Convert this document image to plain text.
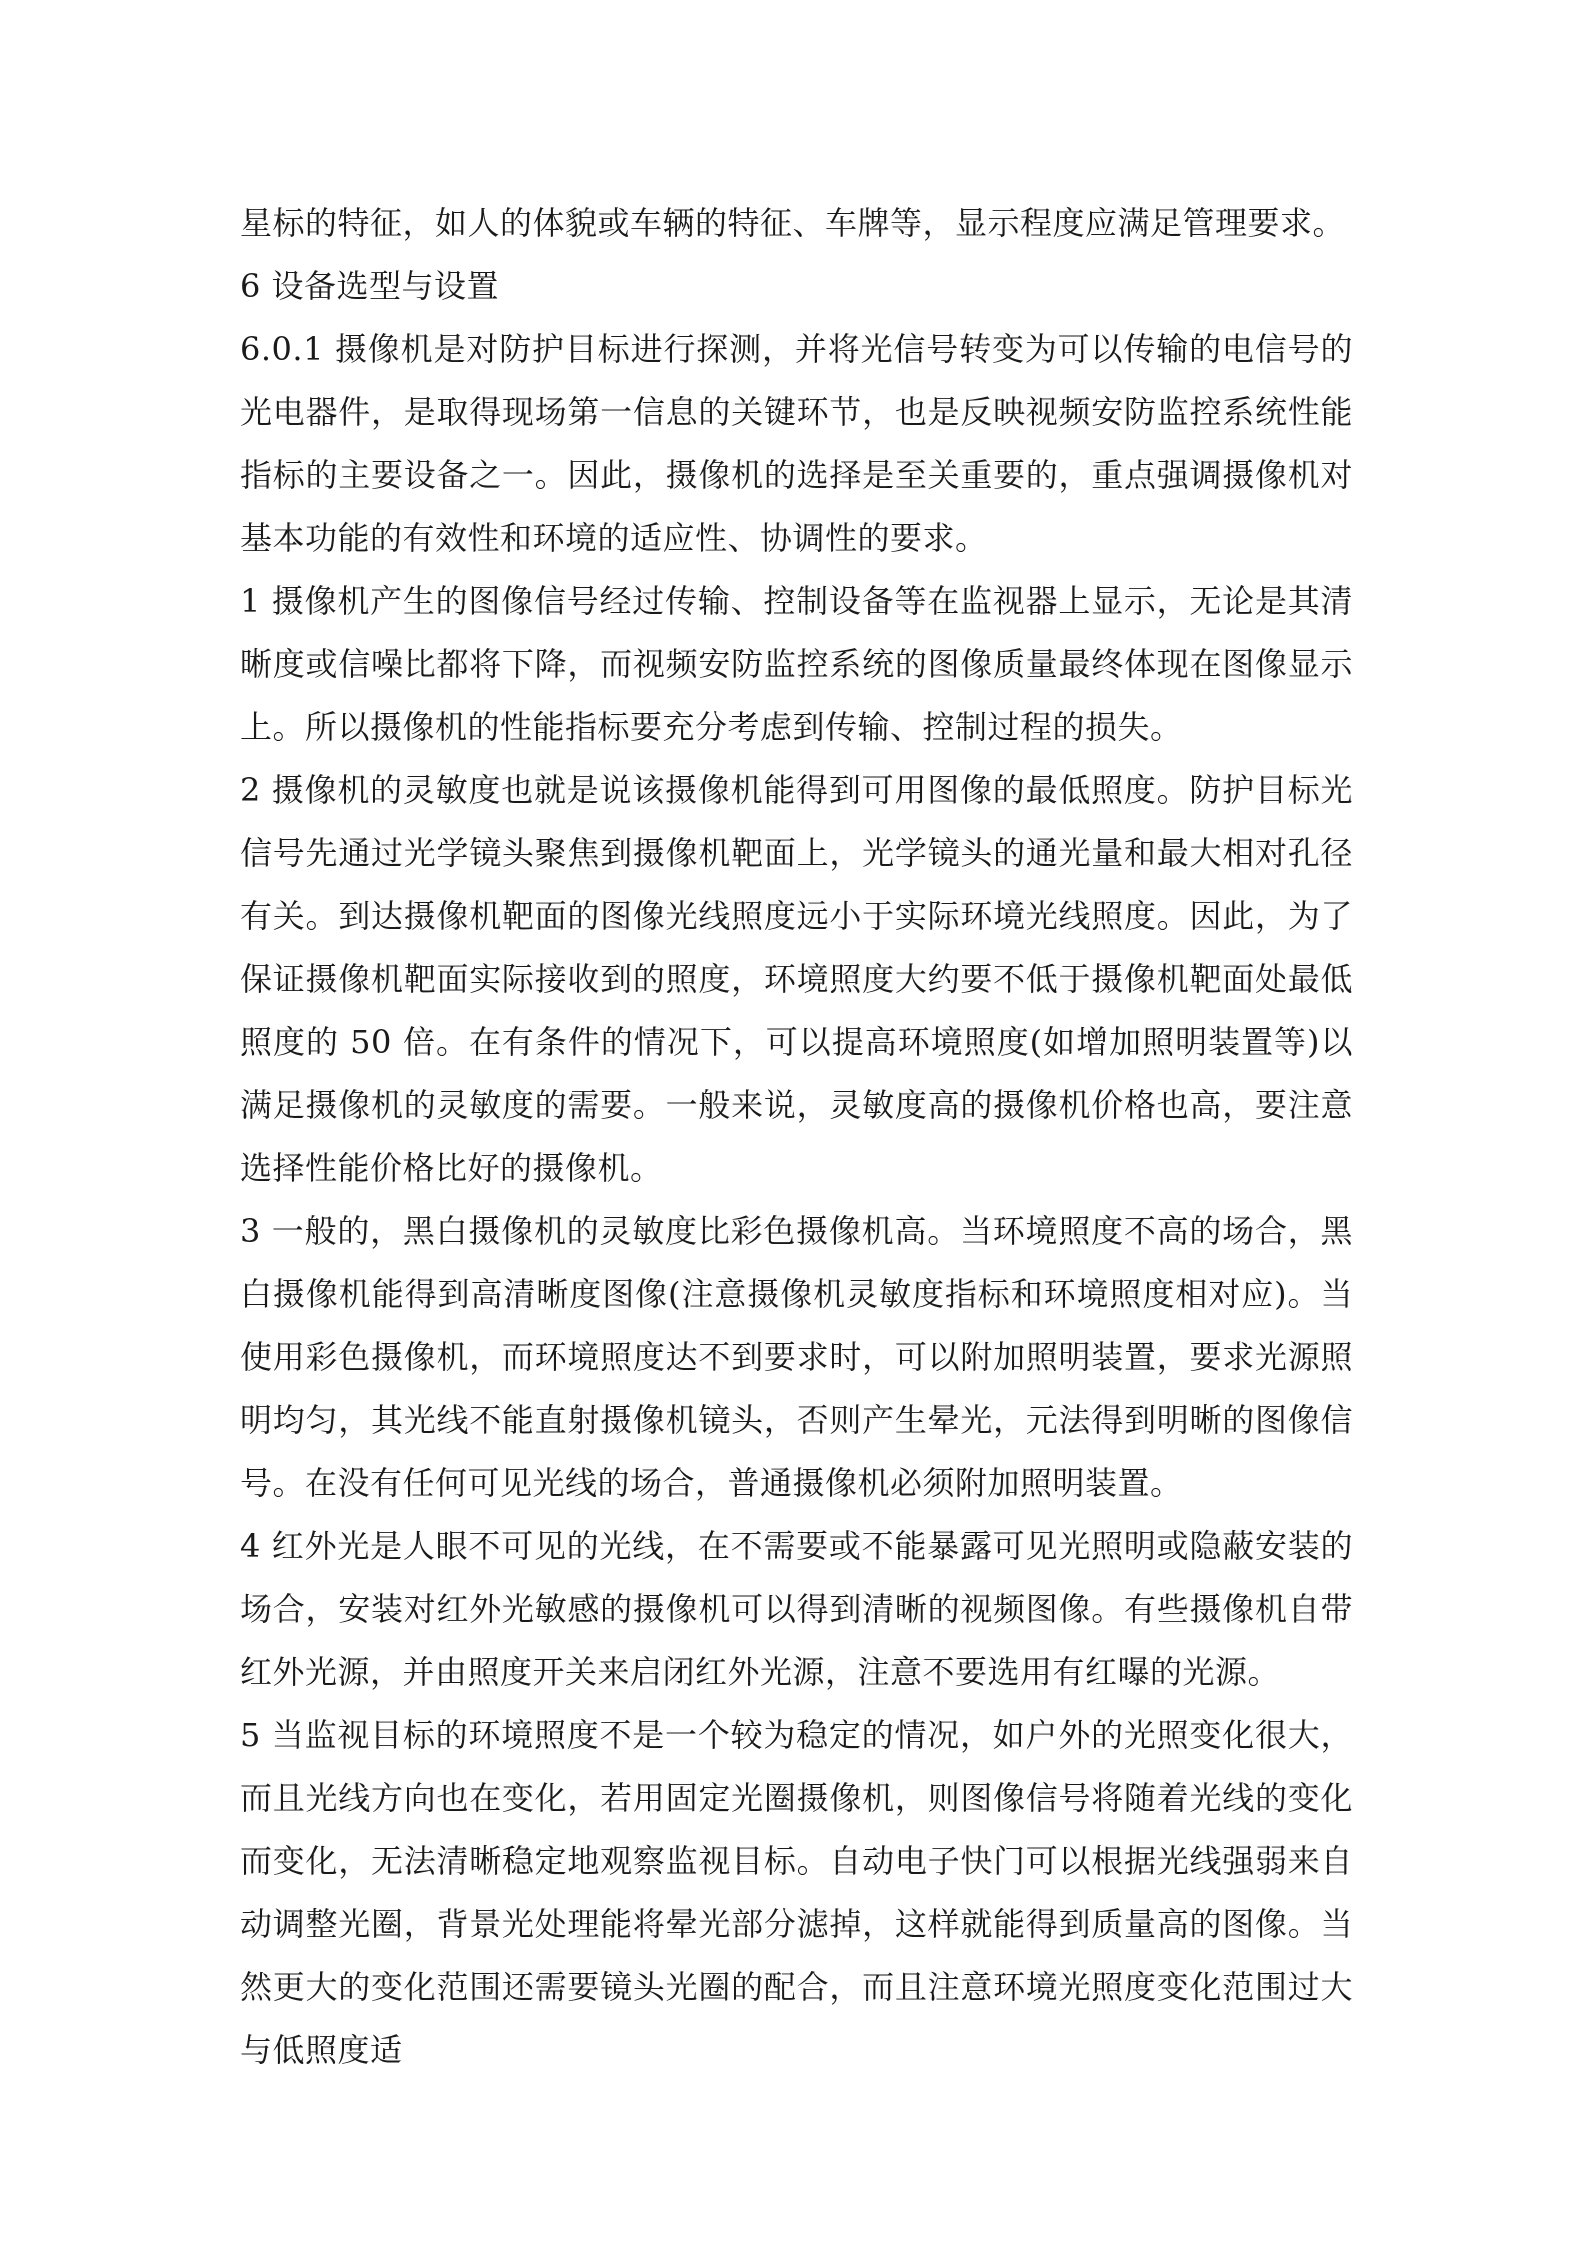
星标的特征，如人的体貌或车辆的特征、车牌等，显示程度应满足管理要求。

6 设备选型与设置

6.0.1 摄像机是对防护目标进行探测，并将光信号转变为可以传输的电信号的光电器件，是取得现场第一信息的关键环节，也是反映视频安防监控系统性能指标的主要设备之一。因此，摄像机的选择是至关重要的，重点强调摄像机对基本功能的有效性和环境的适应性、协调性的要求。

1 摄像机产生的图像信号经过传输、控制设备等在监视器上显示，无论是其清晰度或信噪比都将下降，而视频安防监控系统的图像质量最终体现在图像显示上。所以摄像机的性能指标要充分考虑到传输、控制过程的损失。

2 摄像机的灵敏度也就是说该摄像机能得到可用图像的最低照度。防护目标光信号先通过光学镜头聚焦到摄像机靶面上，光学镜头的通光量和最大相对孔径有关。到达摄像机靶面的图像光线照度远小于实际环境光线照度。因此，为了保证摄像机靶面实际接收到的照度，环境照度大约要不低于摄像机靶面处最低照度的 50 倍。在有条件的情况下，可以提高环境照度(如增加照明装置等)以满足摄像机的灵敏度的需要。一般来说，灵敏度高的摄像机价格也高，要注意选择性能价格比好的摄像机。

3 一般的，黑白摄像机的灵敏度比彩色摄像机高。当环境照度不高的场合，黑白摄像机能得到高清晰度图像(注意摄像机灵敏度指标和环境照度相对应)。当使用彩色摄像机，而环境照度达不到要求时，可以附加照明装置，要求光源照明均匀，其光线不能直射摄像机镜头，否则产生晕光，元法得到明晰的图像信号。在没有任何可见光线的场合，普通摄像机必须附加照明装置。

4 红外光是人眼不可见的光线，在不需要或不能暴露可见光照明或隐蔽安装的场合，安装对红外光敏感的摄像机可以得到清晰的视频图像。有些摄像机自带红外光源，并由照度开关来启闭红外光源，注意不要选用有红曝的光源。

5 当监视目标的环境照度不是一个较为稳定的情况，如户外的光照变化很大，而且光线方向也在变化，若用固定光圈摄像机，则图像信号将随着光线的变化而变化，无法清晰稳定地观察监视目标。自动电子快门可以根据光线强弱来自动调整光圈，背景光处理能将晕光部分滤掉，这样就能得到质量高的图像。当然更大的变化范围还需要镜头光圈的配合，而且注意环境光照度变化范围过大与低照度适
